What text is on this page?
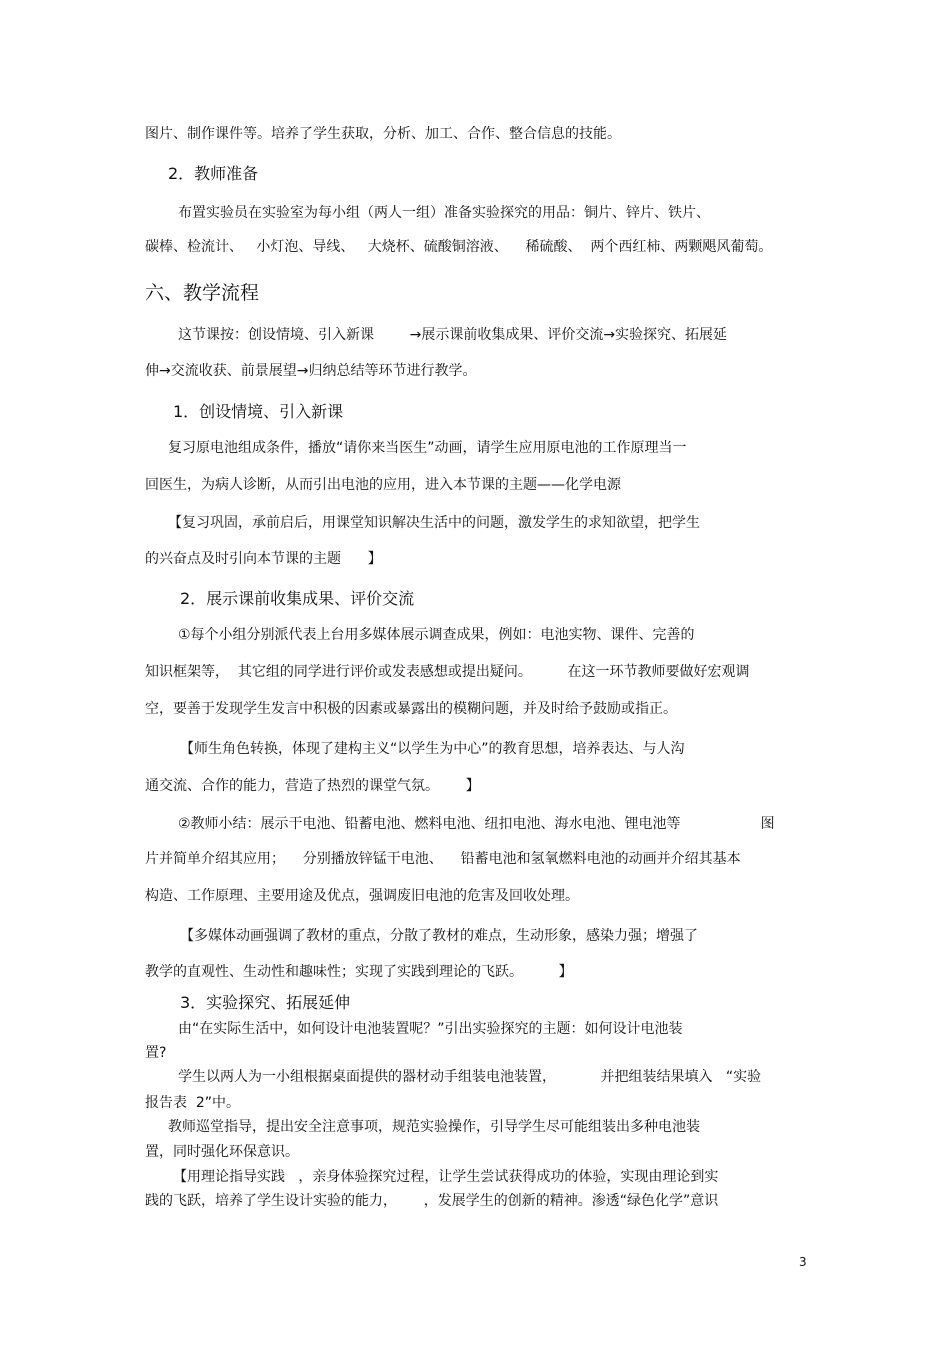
图片、制作课件等。培养了学生获取，分析、加工、合作、整合信息的技能。
2．教师准备
布置实验员在实验室为每小组（两人一组）准备实验探究的用品：铜片、锌片、铁片、
碳棒、检流计、   小灯泡、导线、   大烧杯、硫酸铜溶液、    稀硫酸、  两个西红柿、两颗飓风葡萄。
六、教学流程
这节课按：创设情境、引入新课        →展示课前收集成果、评价交流→实验探究、拓展延
伸→交流收获、前景展望→归纳总结等环节进行教学。
1．创设情境、引入新课
复习原电池组成条件，播放“请你来当医生”动画，请学生应用原电池的工作原理当一
回医生，为病人诊断，从而引出电池的应用，进入本节课的主题——化学电源
【复习巩固，承前启后，用课堂知识解决生活中的问题，激发学生的求知欲望，把学生
的兴奋点及时引向本节课的主题      】
2．展示课前收集成果、评价交流
①每个小组分别派代表上台用多媒体展示调查成果，例如：电池实物、课件、完善的
知识框架等，  其它组的同学进行评价或发表感想或提出疑问。        在这一环节教师要做好宏观调
空，要善于发现学生发言中积极的因素或暴露出的模糊问题，并及时给予鼓励或指正。
【师生角色转换，体现了建构主义“以学生为中心”的教育思想，培养表达、与人沟
通交流、合作的能力，营造了热烈的课堂气氛。      】
②教师小结：展示干电池、铅蓄电池、燃料电池、纽扣电池、海水电池、锂电池等                  图
片并简单介绍其应用；    分别播放锌锰干电池、    铅蓄电池和氢氧燃料电池的动画并介绍其基本
构造、工作原理、主要用途及优点，强调废旧电池的危害及回收处理。
【多媒体动画强调了教材的重点，分散了教材的难点，生动形象，感染力强；增强了
教学的直观性、生动性和趣味性；实现了实践到理论的飞跃。        】
3．实验探究、拓展延伸
由“在实际生活中，如何设计电池装置呢？”引出实验探究的主题：如何设计电池装
置?
学生以两人为一小组根据桌面提供的器材动手组装电池装置，          并把组装结果填入   “实验
报告表  2”中。
教师巡堂指导，提出安全注意事项，规范实验操作，引导学生尽可能组装出多种电池装
置，同时强化环保意识。
【用理论指导实践   ，亲身体验探究过程，让学生尝试获得成功的体验，实现由理论到实
践的飞跃，培养了学生设计实验的能力，      ，发展学生的创新的精神。渗透“绿色化学”意识
3
